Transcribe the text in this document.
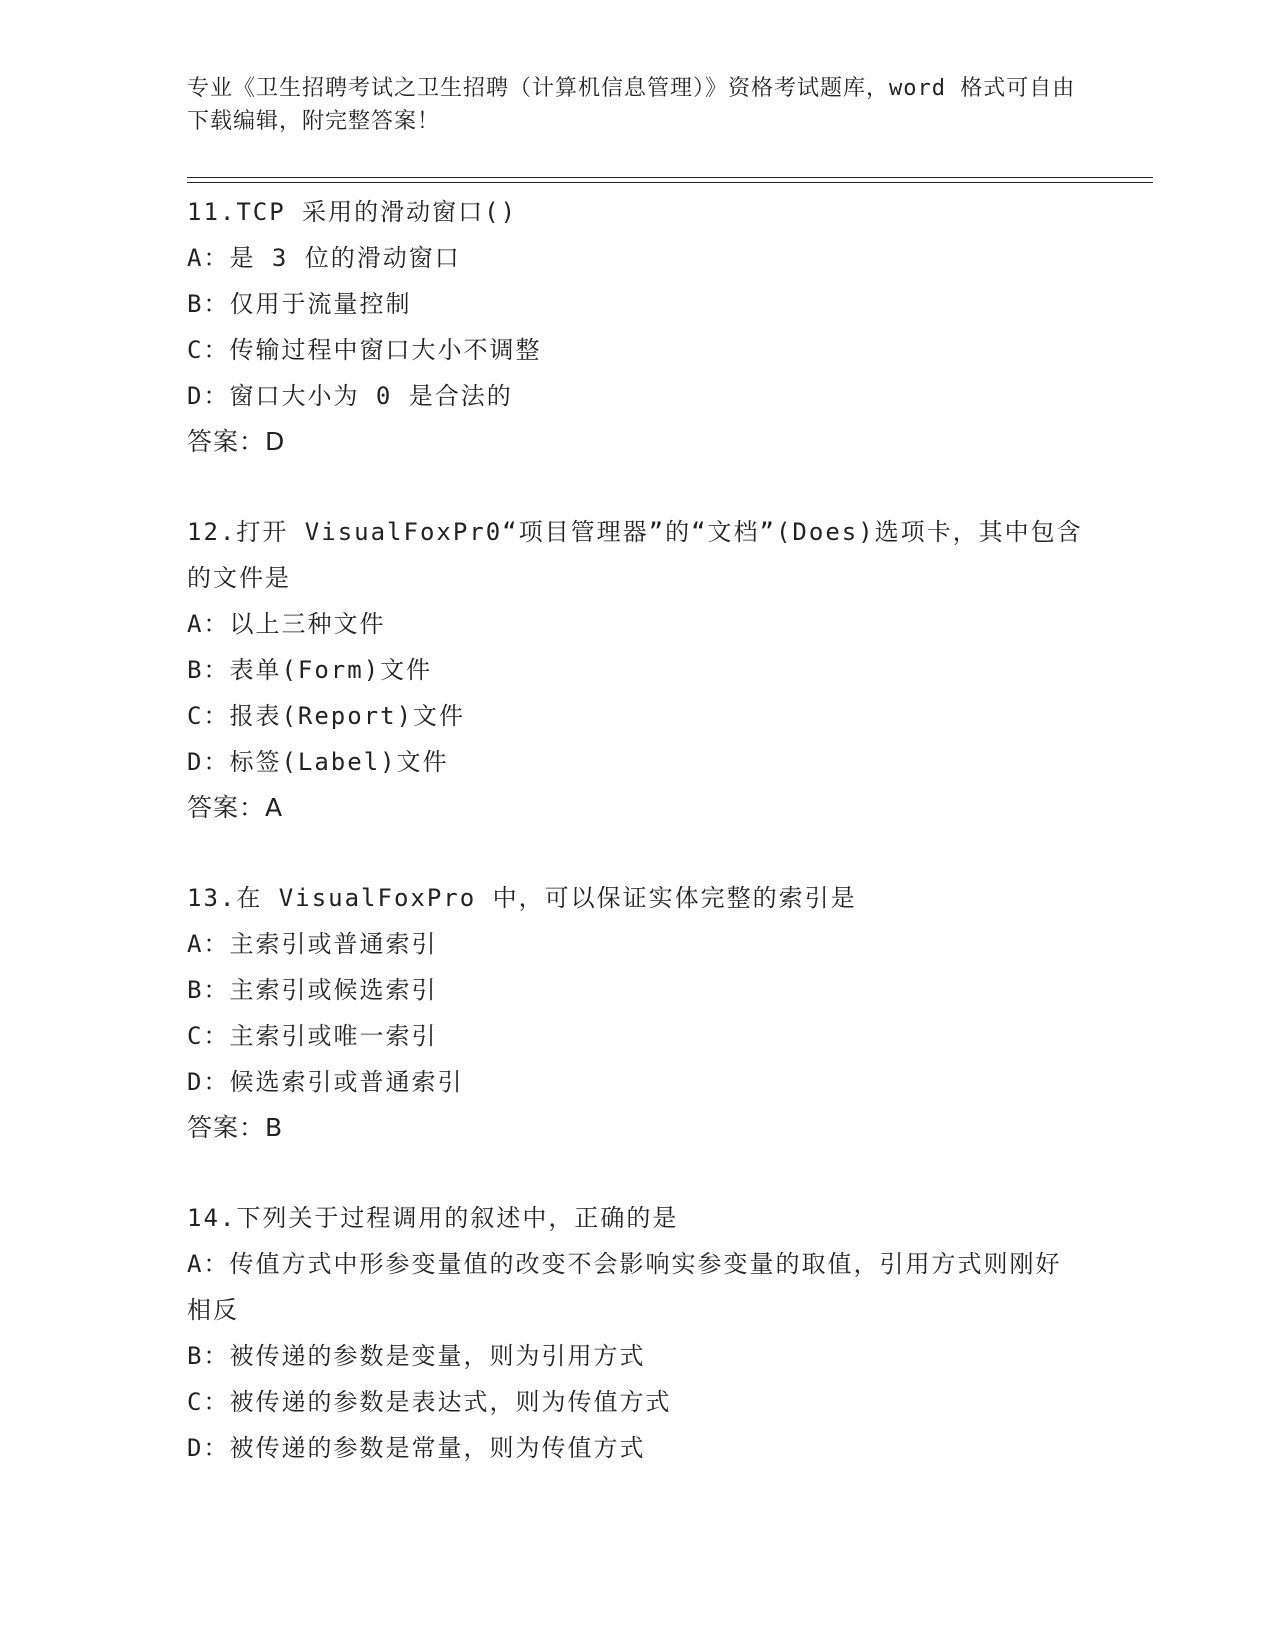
专业《卫生招聘考试之卫生招聘（计算机信息管理）》资格考试题库，word 格式可自由下载编辑，附完整答案！
11.TCP 采用的滑动窗口()
A：是 3 位的滑动窗口
B：仅用于流量控制
C：传输过程中窗口大小不调整
D：窗口大小为 0 是合法的
答案：D
12.打开 VisualFoxPr0“项目管理器”的“文档”(Does)选项卡，其中包含的文件是
A：以上三种文件
B：表单(Form)文件
C：报表(Report)文件
D：标签(Label)文件
答案：A
13.在 VisualFoxPro 中，可以保证实体完整的索引是
A：主索引或普通索引
B：主索引或候选索引
C：主索引或唯一索引
D：候选索引或普通索引
答案：B
14.下列关于过程调用的叙述中，正确的是
A：传值方式中形参变量值的改变不会影响实参变量的取值，引用方式则刚好相反
B：被传递的参数是变量，则为引用方式
C：被传递的参数是表达式，则为传值方式
D：被传递的参数是常量，则为传值方式
